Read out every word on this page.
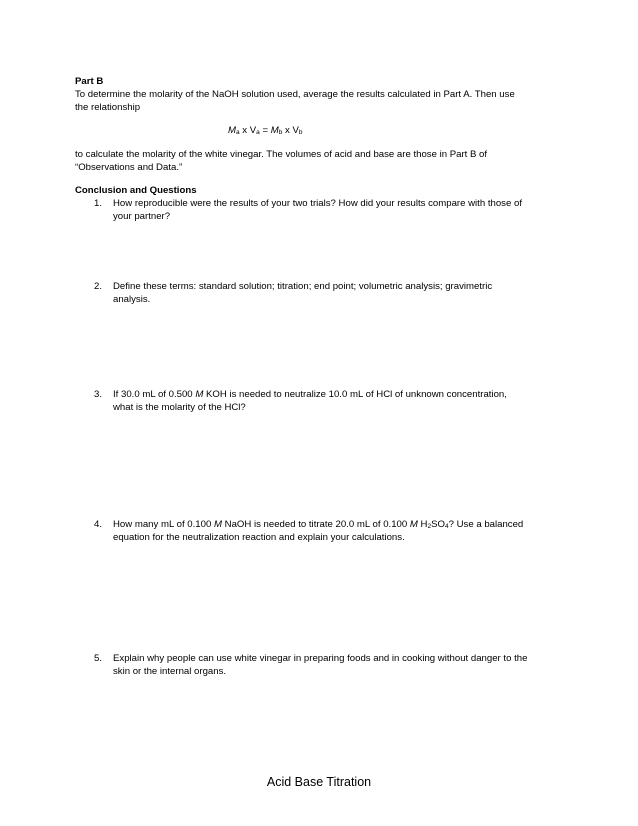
Part B
To determine the molarity of the NaOH solution used, average the results calculated in Part A. Then use
the relationship
$M_a$ x $V_a = M_b$ x $V_b$
to calculate the molarity of the white vinegar. The volumes of acid and base are those in Part B of
“Observations and Data.”
Conclusion and Questions
1. How reproducible were the results of your two trials? How did your results compare with those of
your partner?
2. Define these terms: standard solution; titration; end point; volumetric analysis; gravimetric
analysis.
3. If 30.0 mL of 0.500 M KOH is needed to neutralize 10.0 mL of HCl of unknown concentration,
what is the molarity of the HCl?
4. How many mL of 0.100 M NaOH is needed to titrate 20.0 mL of 0.100 M $H_2SO_4$? Use a balanced
equation for the neutralization reaction and explain your calculations.
5. Explain why people can use white vinegar in preparing foods and in cooking without danger to the
skin or the internal organs.
Acid Base Titration
